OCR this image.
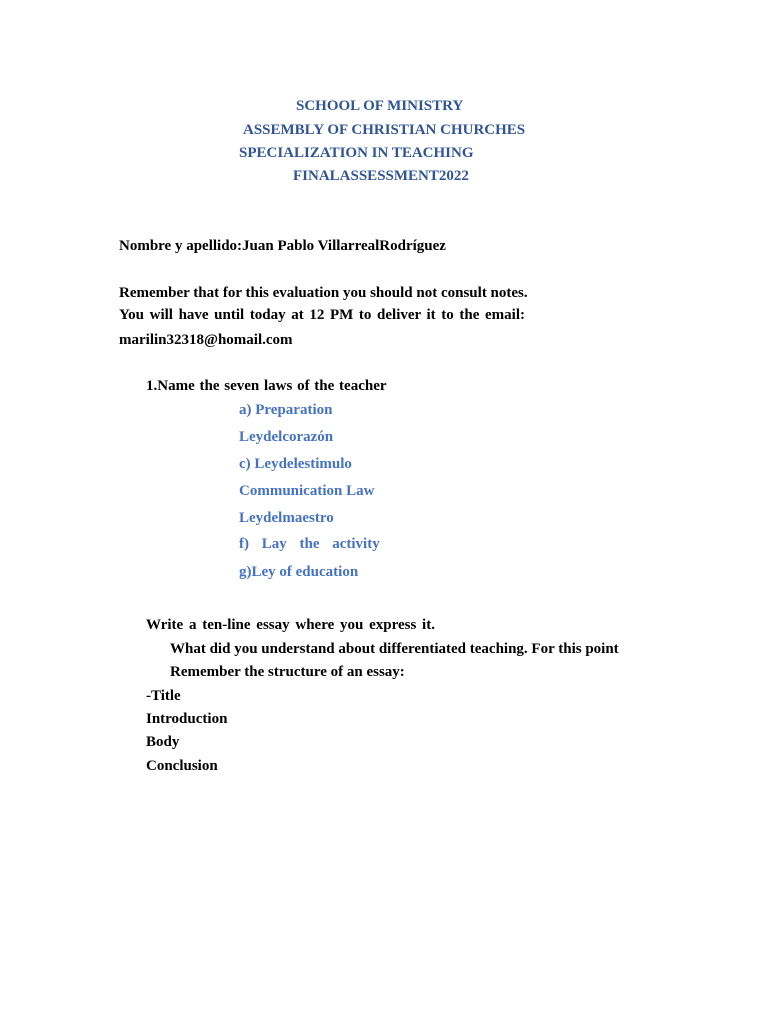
SCHOOL OF MINISTRY
ASSEMBLY OF CHRISTIAN CHURCHES
SPECIALIZATION IN TEACHING
FINALASSESSMENT2022
Nombre y apellido:Juan Pablo VillarrealRodríguez
Remember that for this evaluation you should not consult notes.
You will have until today at 12 PM to deliver it to the email:
marilin32318@homail.com
1.Name the seven laws of the teacher
a) Preparation
Leydelcorazón
c) Leydelestimulo
Communication Law
Leydelmaestro
f) Lay the activity
g)Ley of education
Write a ten-line essay where you express it.
What did you understand about differentiated teaching. For this point
Remember the structure of an essay:
-Title
Introduction
Body
Conclusion
